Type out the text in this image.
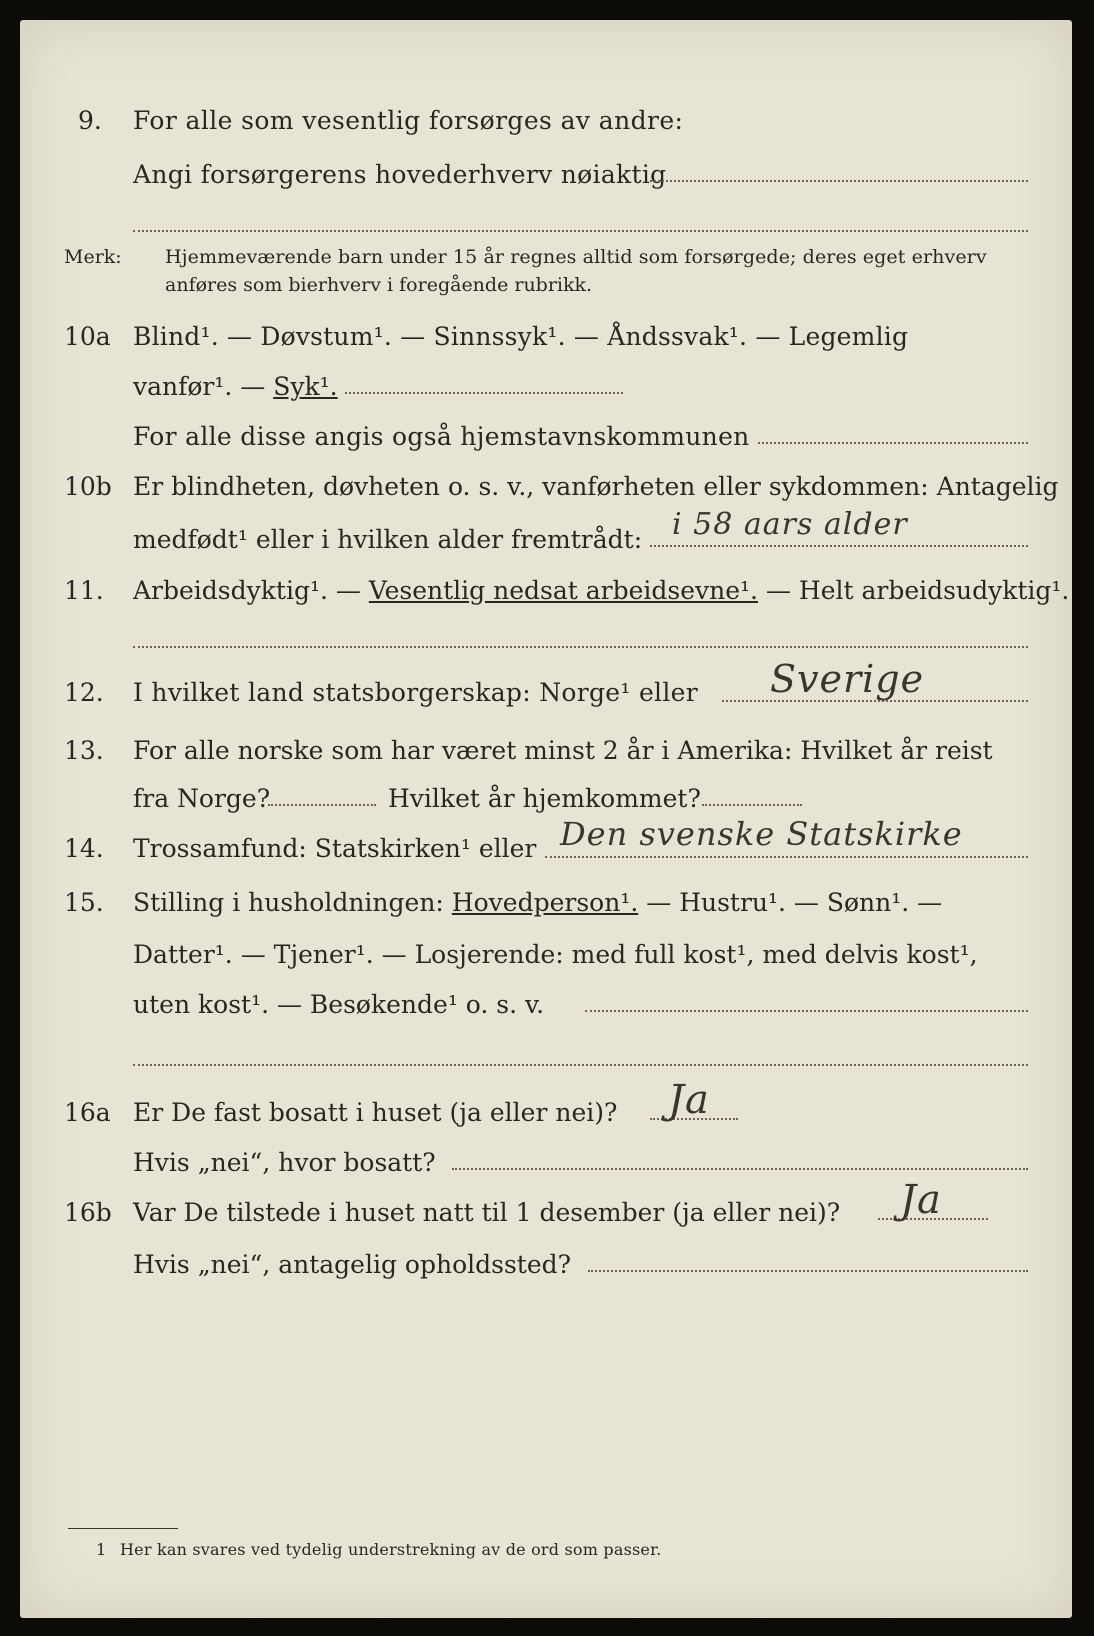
9. For alle som vesentlig forsørges av andre:
Angi forsørgerens hovederhverv nøiaktig
Merk: Hjemmeværende barn under 15 år regnes alltid som forsørgede; deres eget erhverv
anføres som bierhverv i foregående rubrikk.
10a Blind¹. — Døvstum¹. — Sinnssyk¹. — Åndssvak¹. — Legemlig
vanfør¹. — Syk¹.
For alle disse angis også hjemstavnskommunen
10b Er blindheten, døvheten o. s. v., vanførheten eller sykdommen: Antagelig
medfødt¹ eller i hvilken alder fremtrådt: i 58 aars alder
11. Arbeidsdyktig¹. — Vesentlig nedsat arbeidsevne¹. — Helt arbeidsudyktig¹.
12. I hvilket land statsborgerskap: Norge¹ eller Sverige
13. For alle norske som har været minst 2 år i Amerika: Hvilket år reist
fra Norge?	Hvilket år hjemkommet?
14. Trossamfund: Statskirken¹ eller Den svenske Statskirke
15. Stilling i husholdningen: Hovedperson¹. — Hustru¹. — Sønn¹. —
Datter¹. — Tjener¹. — Losjerende: med full kost¹, med delvis kost¹,
uten kost¹. — Besøkende¹ o. s. v.
16a Er De fast bosatt i huset (ja eller nei)? Ja
Hvis „nei“, hvor bosatt?
16b Var De tilstede i huset natt til 1 desember (ja eller nei)? Ja
Hvis „nei“, antagelig opholdssted?
1 Her kan svares ved tydelig understrekning av de ord som passer.
